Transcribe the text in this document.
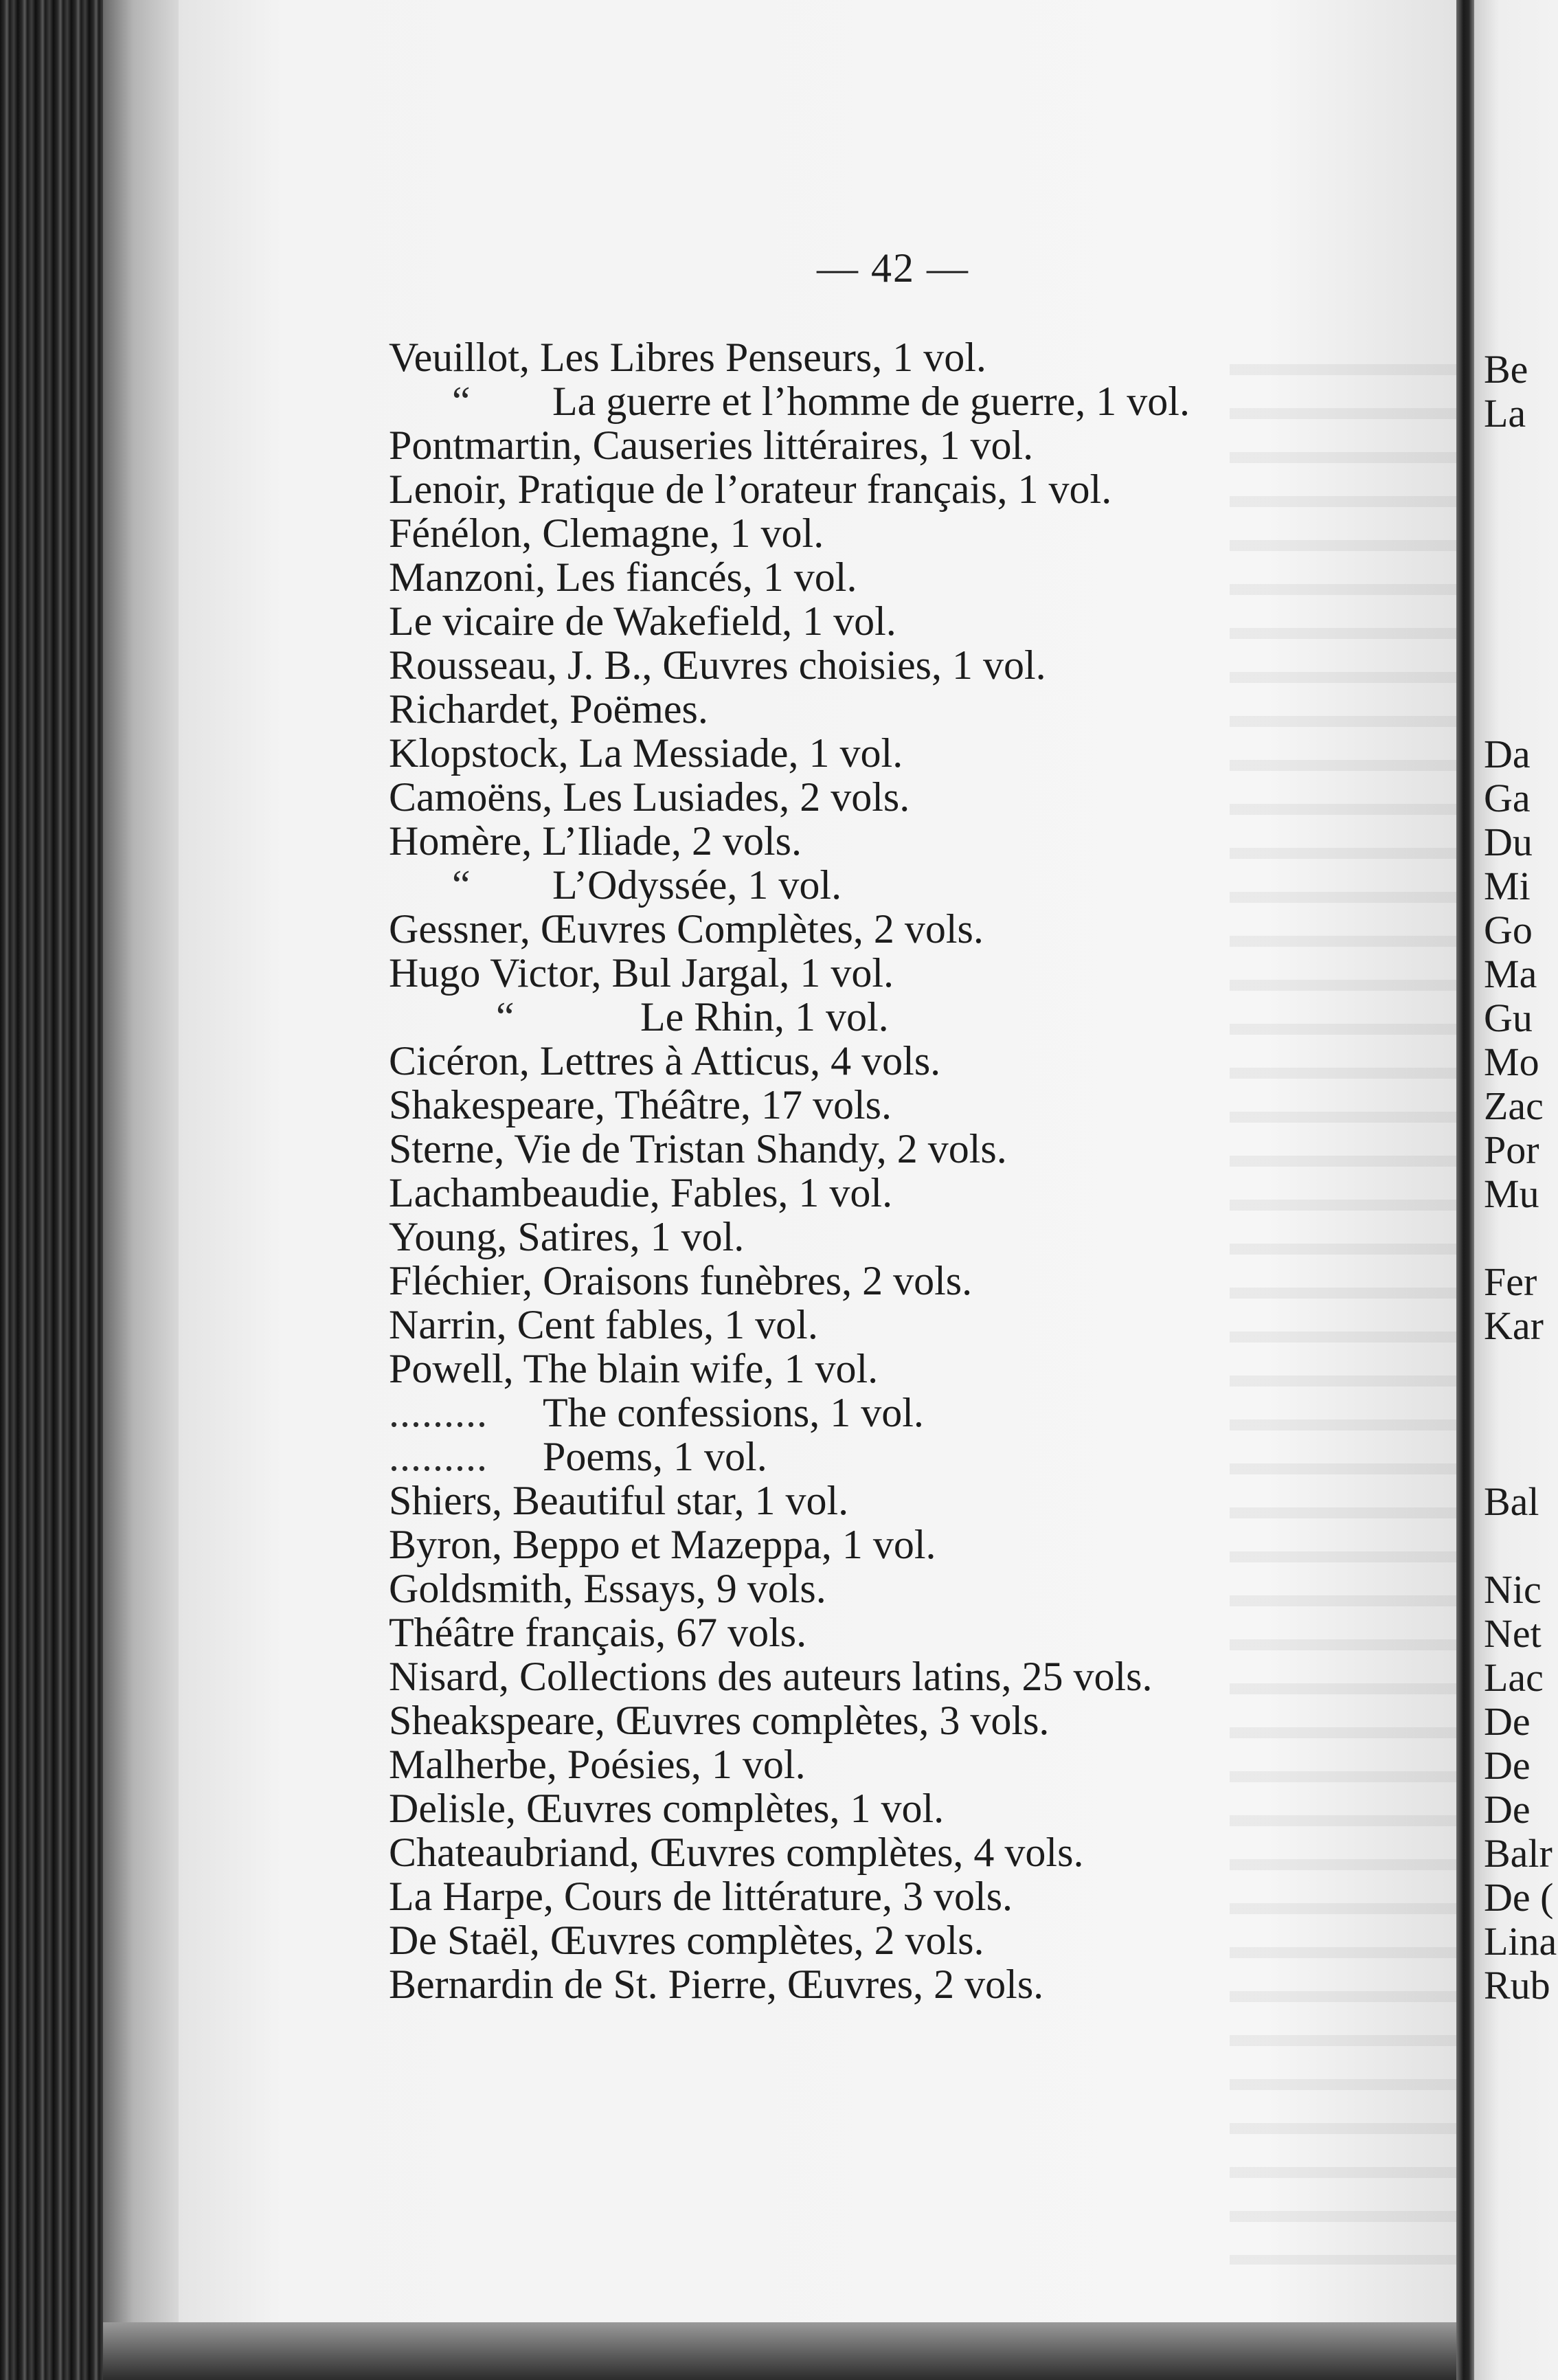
— 42 —

Veuillot, Les Libres Penseurs, 1 vol.
“ La guerre et l’homme de guerre, 1 vol.
Pontmartin, Causeries littéraires, 1 vol.
Lenoir, Pratique de l’orateur français, 1 vol.
Fénélon, Clemagne, 1 vol.
Manzoni, Les fiancés, 1 vol.
Le vicaire de Wakefield, 1 vol.
Rousseau, J. B., Œuvres choisies, 1 vol.
Richardet, Poëmes.
Klopstock, La Messiade, 1 vol.
Camoëns, Les Lusiades, 2 vols.
Homère, L’Iliade, 2 vols.
“ L’Odyssée, 1 vol.
Gessner, Œuvres Complètes, 2 vols.
Hugo Victor, Bul Jargal, 1 vol.
“	Le Rhin, 1 vol.
Cicéron, Lettres à Atticus, 4 vols.
Shakespeare, Théâtre, 17 vols.
Sterne, Vie de Tristan Shandy, 2 vols.
Lachambeaudie, Fables, 1 vol.
Young, Satires, 1 vol.
Fléchier, Oraisons funèbres, 2 vols.
Narrin, Cent fables, 1 vol.
Powell, The blain wife, 1 vol.
......... The confessions, 1 vol.
......... Poems, 1 vol.
Shiers, Beautiful star, 1 vol.
Byron, Beppo et Mazeppa, 1 vol.
Goldsmith, Essays, 9 vols.
Théâtre français, 67 vols.
Nisard, Collections des auteurs latins, 25 vols.
Sheakspeare, Œuvres complètes, 3 vols.
Malherbe, Poésies, 1 vol.
Delisle, Œuvres complètes, 1 vol.
Chateaubriand, Œuvres complètes, 4 vols.
La Harpe, Cours de littérature, 3 vols.
De Staël, Œuvres complètes, 2 vols.
Bernardin de St. Pierre, Œuvres, 2 vols.
Be
La
Da
Ga
Du
Mi
Go
Ma
Gu
Mo
Zac
Por
Mu
Fer
Kar
Bal
Nic
Net
Lac
De
De
De
Balr
De (
Lina
Rub
